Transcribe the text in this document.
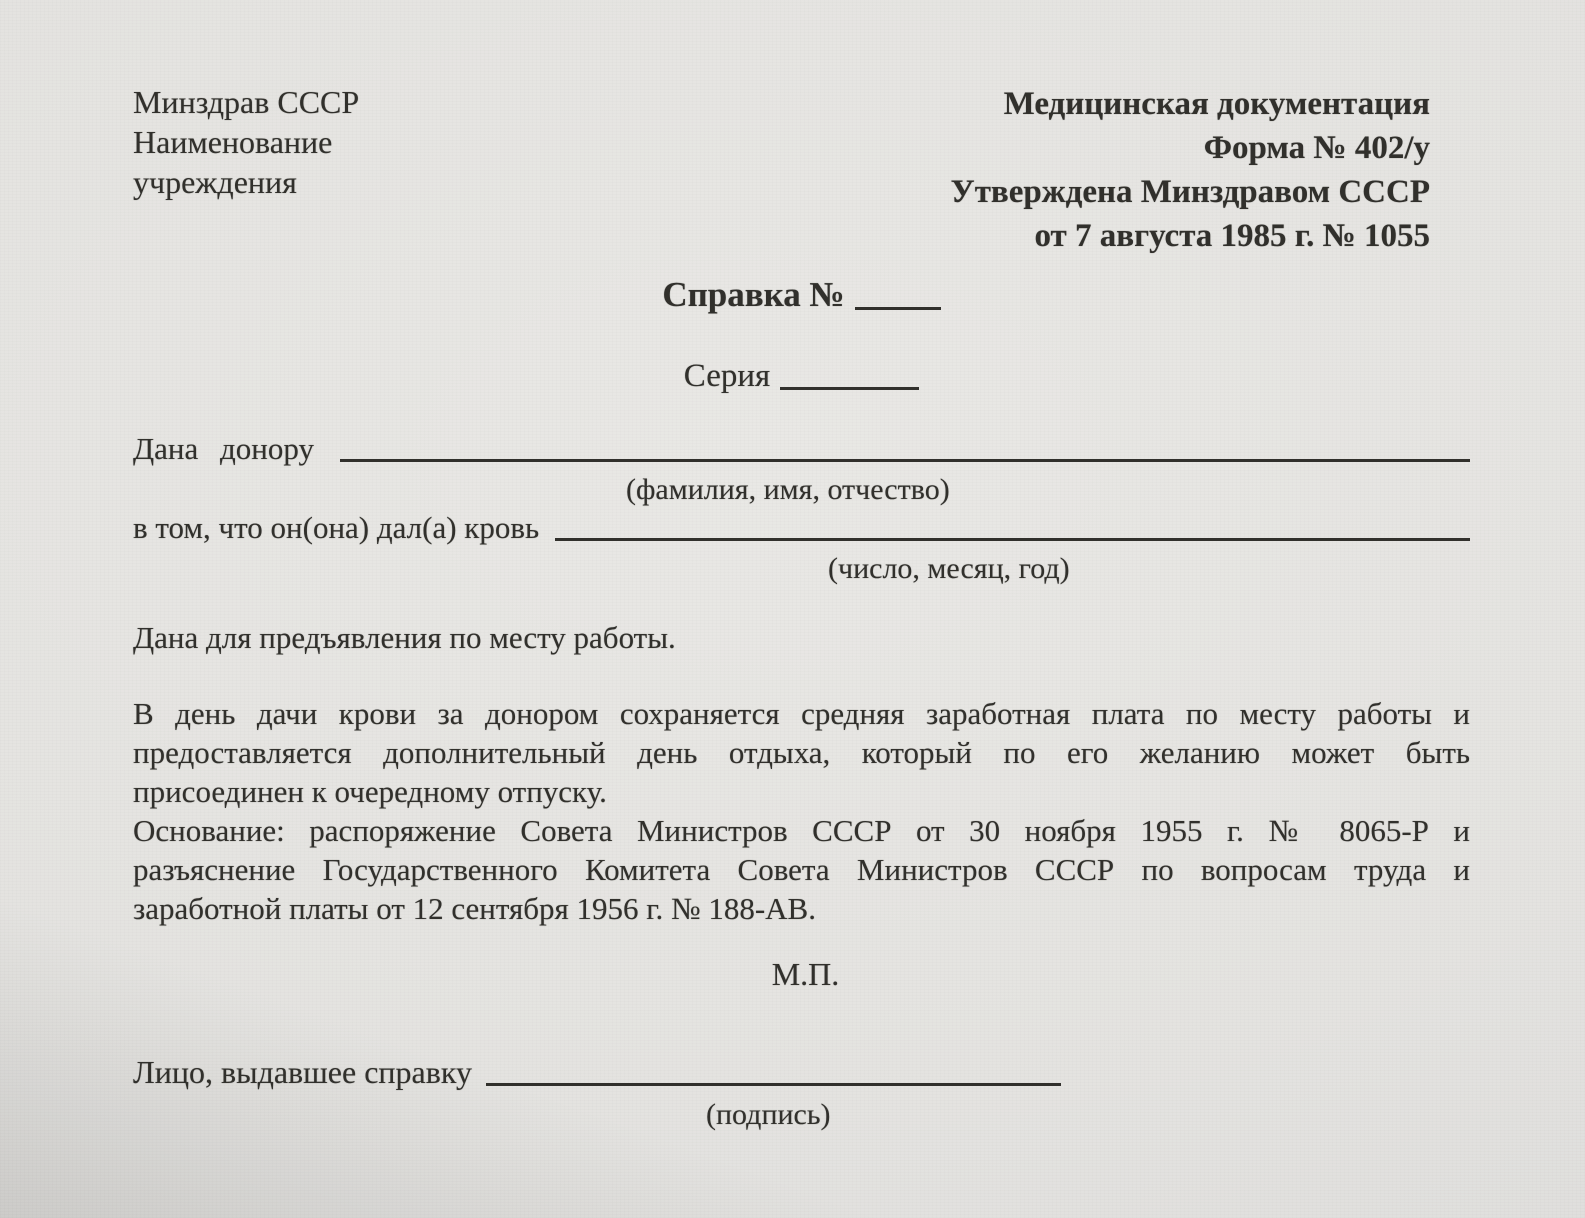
Минздрав СССР
Наименование
учреждения
Медицинская документация
Форма № 402/у
Утверждена Минздравом СССР
от 7 августа 1985 г. № 1055
Справка №
Серия
Дана донору
(фамилия, имя, отчество)
в том, что он(она) дал(а) кровь
(число, месяц, год)
Дана для предъявления по месту работы.
В день дачи крови за донором сохраняется средняя заработная плата по месту работы и
предоставляется дополнительный день отдыха, который по его желанию может быть
присоединен к очередному отпуску.
Основание: распоряжение Совета Министров СССР от 30 ноября 1955 г. № 8065-Р и
разъяснение Государственного Комитета Совета Министров СССР по вопросам труда и
заработной платы от 12 сентября 1956 г. № 188-АВ.
М.П.
Лицо, выдавшее справку
(подпись)
